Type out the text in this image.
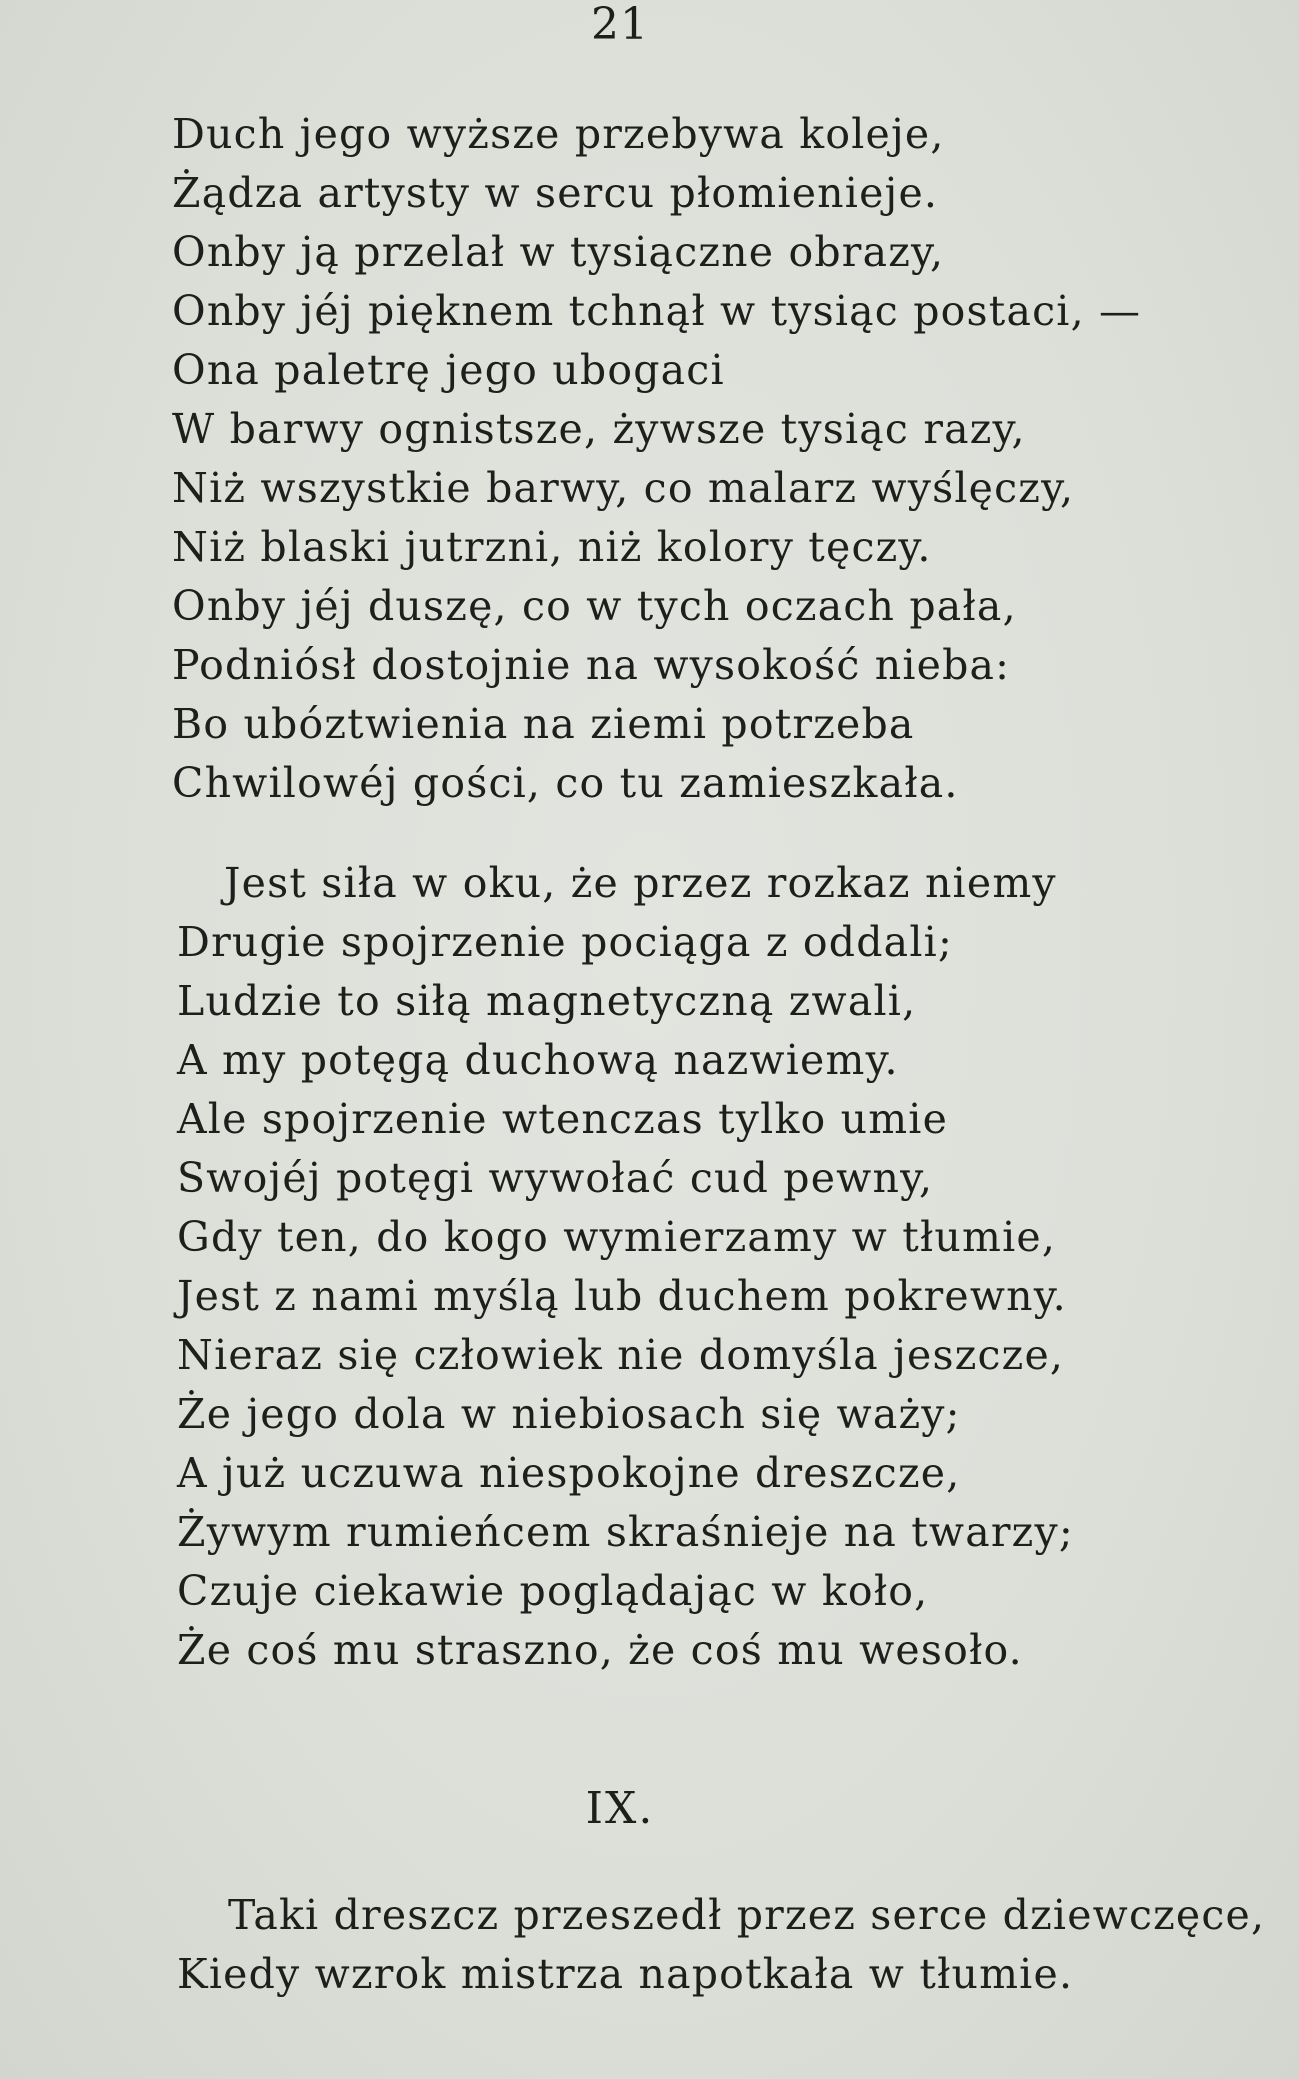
21
Duch jego wyższe przebywa koleje,
Żądza artysty w sercu płomienieje.
Onby ją przelał w tysiączne obrazy,
Onby jéj pięknem tchnął w tysiąc postaci, —
Ona paletrę jego ubogaci
W barwy ognistsze, żywsze tysiąc razy,
Niż wszystkie barwy, co malarz wyślęczy,
Niż blaski jutrzni, niż kolory tęczy.
Onby jéj duszę, co w tych oczach pała,
Podniósł dostojnie na wysokość nieba:
Bo ubóztwienia na ziemi potrzeba
Chwilowéj gości, co tu zamieszkała.
Jest siła w oku, że przez rozkaz niemy
Drugie spojrzenie pociąga z oddali;
Ludzie to siłą magnetyczną zwali,
A my potęgą duchową nazwiemy.
Ale spojrzenie wtenczas tylko umie
Swojéj potęgi wywołać cud pewny,
Gdy ten, do kogo wymierzamy w tłumie,
Jest z nami myślą lub duchem pokrewny.
Nieraz się człowiek nie domyśla jeszcze,
Że jego dola w niebiosach się waży;
A już uczuwa niespokojne dreszcze,
Żywym rumieńcem skraśnieje na twarzy;
Czuje ciekawie poglądając w koło,
Że coś mu straszno, że coś mu wesoło.
IX.
Taki dreszcz przeszedł przez serce dziewczęce,
Kiedy wzrok mistrza napotkała w tłumie.
